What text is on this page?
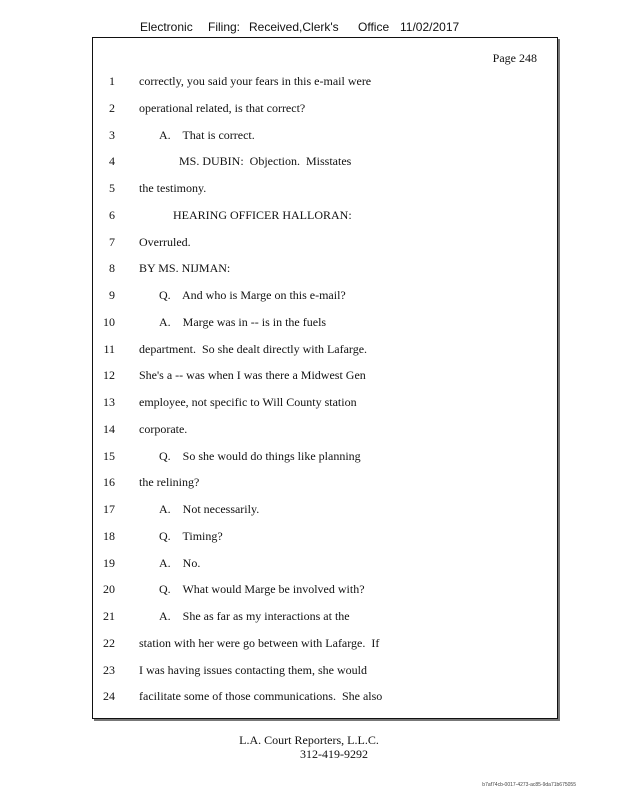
Electronic Filing: Received,Clerk's Office 11/02/2017
Page 248
1 correctly, you said your fears in this e-mail were
2 operational related, is that correct?
3	A.    That is correct.
4	MS. DUBIN:  Objection.  Misstates
5 the testimony.
6	HEARING OFFICER HALLORAN:
7 Overruled.
8 BY MS. NIJMAN:
9	Q.    And who is Marge on this e-mail?
10	A.    Marge was in -- is in the fuels
11 department.  So she dealt directly with Lafarge.
12 She's a -- was when I was there a Midwest Gen
13 employee, not specific to Will County station
14 corporate.
15	Q.    So she would do things like planning
16 the relining?
17	A.    Not necessarily.
18	Q.    Timing?
19	A.    No.
20	Q.    What would Marge be involved with?
21	A.    She as far as my interactions at the
22 station with her were go between with Lafarge.  If
23 I was having issues contacting them, she would
24 facilitate some of those communications.  She also
L.A. Court Reporters, L.L.C.
312-419-9292
b7af74cb-0017-4273-ac85-9da71b675055
